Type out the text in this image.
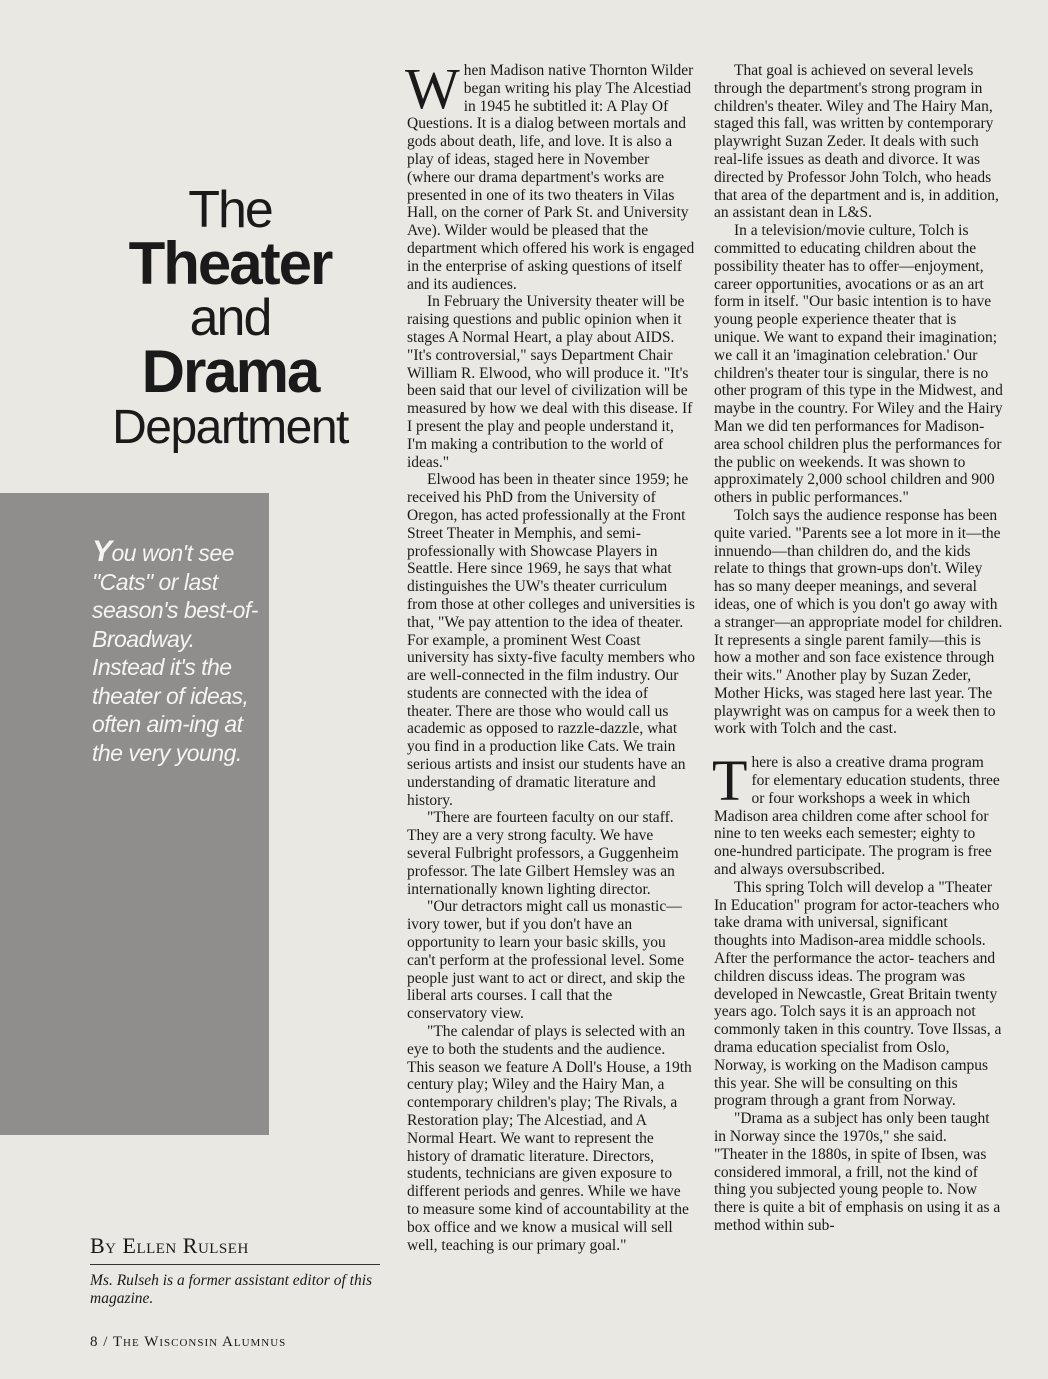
The
Theater
and
Drama
Department
You won't see "Cats" or last season's best-of-Broadway. Instead it's the theater of ideas, often aim-ing at the very young.
By Ellen Rulseh
Ms. Rulseh is a former assistant editor of this magazine.
8 / The Wisconsin Alumnus

When Madison native Thornton Wilder began writing his play The Alcestiad in 1945 he subtitled it: A Play Of Questions. It is a dialog between mortals and gods about death, life, and love. It is also a play of ideas, staged here in November (where our drama department's works are presented in one of its two theaters in Vilas Hall, on the corner of Park St. and University Ave). Wilder would be pleased that the department which offered his work is engaged in the enterprise of asking questions of itself and its audiences.

In February the University theater will be raising questions and public opinion when it stages A Normal Heart, a play about AIDS. "It's controversial," says Department Chair William R. Elwood, who will produce it. "It's been said that our level of civilization will be measured by how we deal with this disease. If I present the play and people understand it, I'm making a contribution to the world of ideas."

Elwood has been in theater since 1959; he received his PhD from the University of Oregon, has acted professionally at the Front Street Theater in Memphis, and semi-professionally with Showcase Players in Seattle. Here since 1969, he says that what distinguishes the UW's theater curriculum from those at other colleges and universities is that, "We pay attention to the idea of theater. For example, a prominent West Coast university has sixty-five faculty members who are well-connected in the film industry. Our students are connected with the idea of theater. There are those who would call us academic as opposed to razzle-dazzle, what you find in a production like Cats. We train serious artists and insist our students have an understanding of dramatic literature and history.

"There are fourteen faculty on our staff. They are a very strong faculty. We have several Fulbright professors, a Guggenheim professor. The late Gilbert Hemsley was an internationally known lighting director.

"Our detractors might call us monastic—ivory tower, but if you don't have an opportunity to learn your basic skills, you can't perform at the professional level. Some people just want to act or direct, and skip the liberal arts courses. I call that the conservatory view.

"The calendar of plays is selected with an eye to both the students and the audience. This season we feature A Doll's House, a 19th century play; Wiley and the Hairy Man, a contemporary children's play; The Rivals, a Restoration play; The Alcestiad, and A Normal Heart. We want to represent the history of dramatic literature. Directors, students, technicians are given exposure to different periods and genres. While we have to measure some kind of accountability at the box office and we know a musical will sell well, teaching is our primary goal."

That goal is achieved on several levels through the department's strong program in children's theater. Wiley and The Hairy Man, staged this fall, was written by contemporary playwright Suzan Zeder. It deals with such real-life issues as death and divorce. It was directed by Professor John Tolch, who heads that area of the department and is, in addition, an assistant dean in L&S.

In a television/movie culture, Tolch is committed to educating children about the possibility theater has to offer—enjoyment, career opportunities, avocations or as an art form in itself. "Our basic intention is to have young people experience theater that is unique. We want to expand their imagination; we call it an 'imagination celebration.' Our children's theater tour is singular, there is no other program of this type in the Midwest, and maybe in the country. For Wiley and the Hairy Man we did ten performances for Madison-area school children plus the performances for the public on weekends. It was shown to approximately 2,000 school children and 900 others in public performances."

Tolch says the audience response has been quite varied. "Parents see a lot more in it—the innuendo—than children do, and the kids relate to things that grown-ups don't. Wiley has so many deeper meanings, and several ideas, one of which is you don't go away with a stranger—an appropriate model for children. It represents a single parent family—this is how a mother and son face existence through their wits." Another play by Suzan Zeder, Mother Hicks, was staged here last year. The playwright was on campus for a week then to work with Tolch and the cast.

There is also a creative drama program for elementary education students, three or four workshops a week in which Madison area children come after school for nine to ten weeks each semester; eighty to one-hundred participate. The program is free and always oversubscribed.

This spring Tolch will develop a "Theater In Education" program for actor-teachers who take drama with universal, significant thoughts into Madison-area middle schools. After the performance the actor- teachers and children discuss ideas. The program was developed in Newcastle, Great Britain twenty years ago. Tolch says it is an approach not commonly taken in this country. Tove Ilssas, a drama education specialist from Oslo, Norway, is working on the Madison campus this year. She will be consulting on this program through a grant from Norway.

"Drama as a subject has only been taught in Norway since the 1970s," she said. "Theater in the 1880s, in spite of Ibsen, was considered immoral, a frill, not the kind of thing you subjected young people to. Now there is quite a bit of emphasis on using it as a method within sub-
